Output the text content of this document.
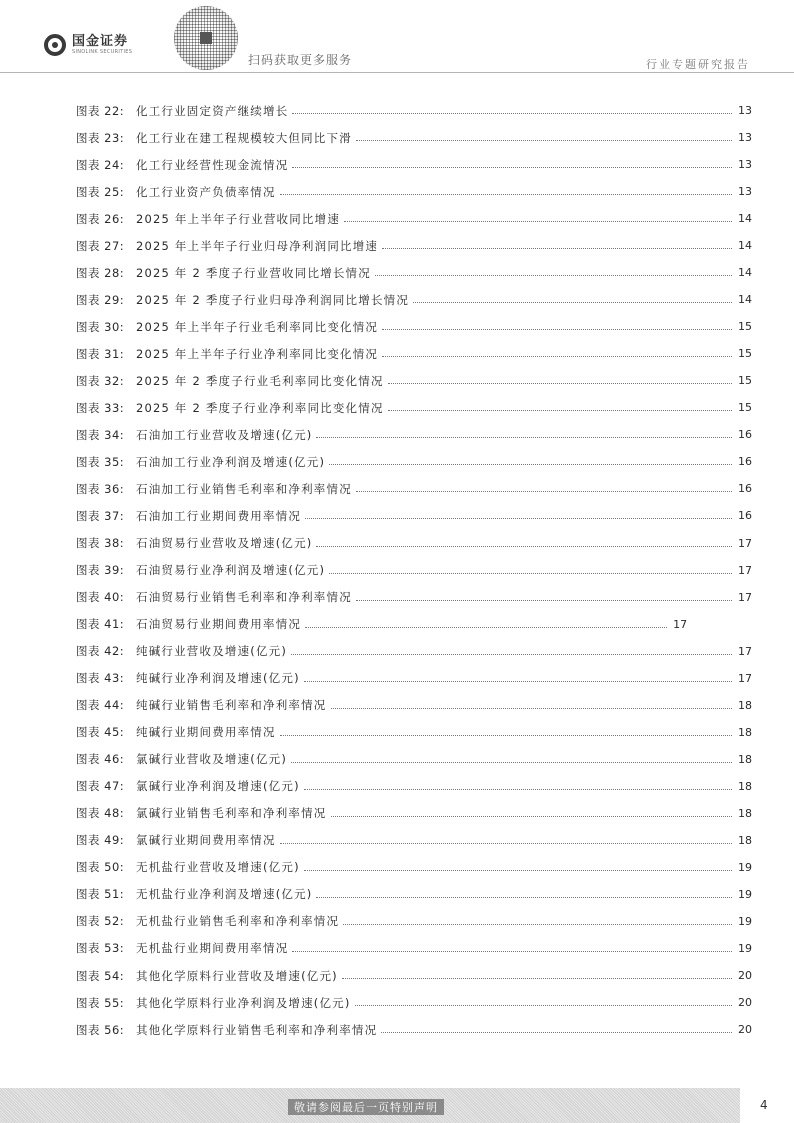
国金证券
SINOLINK SECURITIES
扫码获取更多服务	行业专题研究报告
图表 22:	化工行业固定资产继续增长	13
图表 23:	化工行业在建工程规模较大但同比下滑	13
图表 24:	化工行业经营性现金流情况	13
图表 25:	化工行业资产负债率情况	13
图表 26:	2025 年上半年子行业营收同比增速	14
图表 27:	2025 年上半年子行业归母净利润同比增速	14
图表 28:	2025 年 2 季度子行业营收同比增长情况	14
图表 29:	2025 年 2 季度子行业归母净利润同比增长情况	14
图表 30:	2025 年上半年子行业毛利率同比变化情况	15
图表 31:	2025 年上半年子行业净利率同比变化情况	15
图表 32:	2025 年 2 季度子行业毛利率同比变化情况	15
图表 33:	2025 年 2 季度子行业净利率同比变化情况	15
图表 34:	石油加工行业营收及增速(亿元)	16
图表 35:	石油加工行业净利润及增速(亿元)	16
图表 36:	石油加工行业销售毛利率和净利率情况	16
图表 37:	石油加工行业期间费用率情况	16
图表 38:	石油贸易行业营收及增速(亿元)	17
图表 39:	石油贸易行业净利润及增速(亿元)	17
图表 40:	石油贸易行业销售毛利率和净利率情况	17
图表 41:	石油贸易行业期间费用率情况	17
图表 42:	纯碱行业营收及增速(亿元)	17
图表 43:	纯碱行业净利润及增速(亿元)	17
图表 44:	纯碱行业销售毛利率和净利率情况	18
图表 45:	纯碱行业期间费用率情况	18
图表 46:	氯碱行业营收及增速(亿元)	18
图表 47:	氯碱行业净利润及增速(亿元)	18
图表 48:	氯碱行业销售毛利率和净利率情况	18
图表 49:	氯碱行业期间费用率情况	18
图表 50:	无机盐行业营收及增速(亿元)	19
图表 51:	无机盐行业净利润及增速(亿元)	19
图表 52:	无机盐行业销售毛利率和净利率情况	19
图表 53:	无机盐行业期间费用率情况	19
图表 54:	其他化学原料行业营收及增速(亿元)	20
图表 55:	其他化学原料行业净利润及增速(亿元)	20
图表 56:	其他化学原料行业销售毛利率和净利率情况	20
敬请参阅最后一页特别声明	4
